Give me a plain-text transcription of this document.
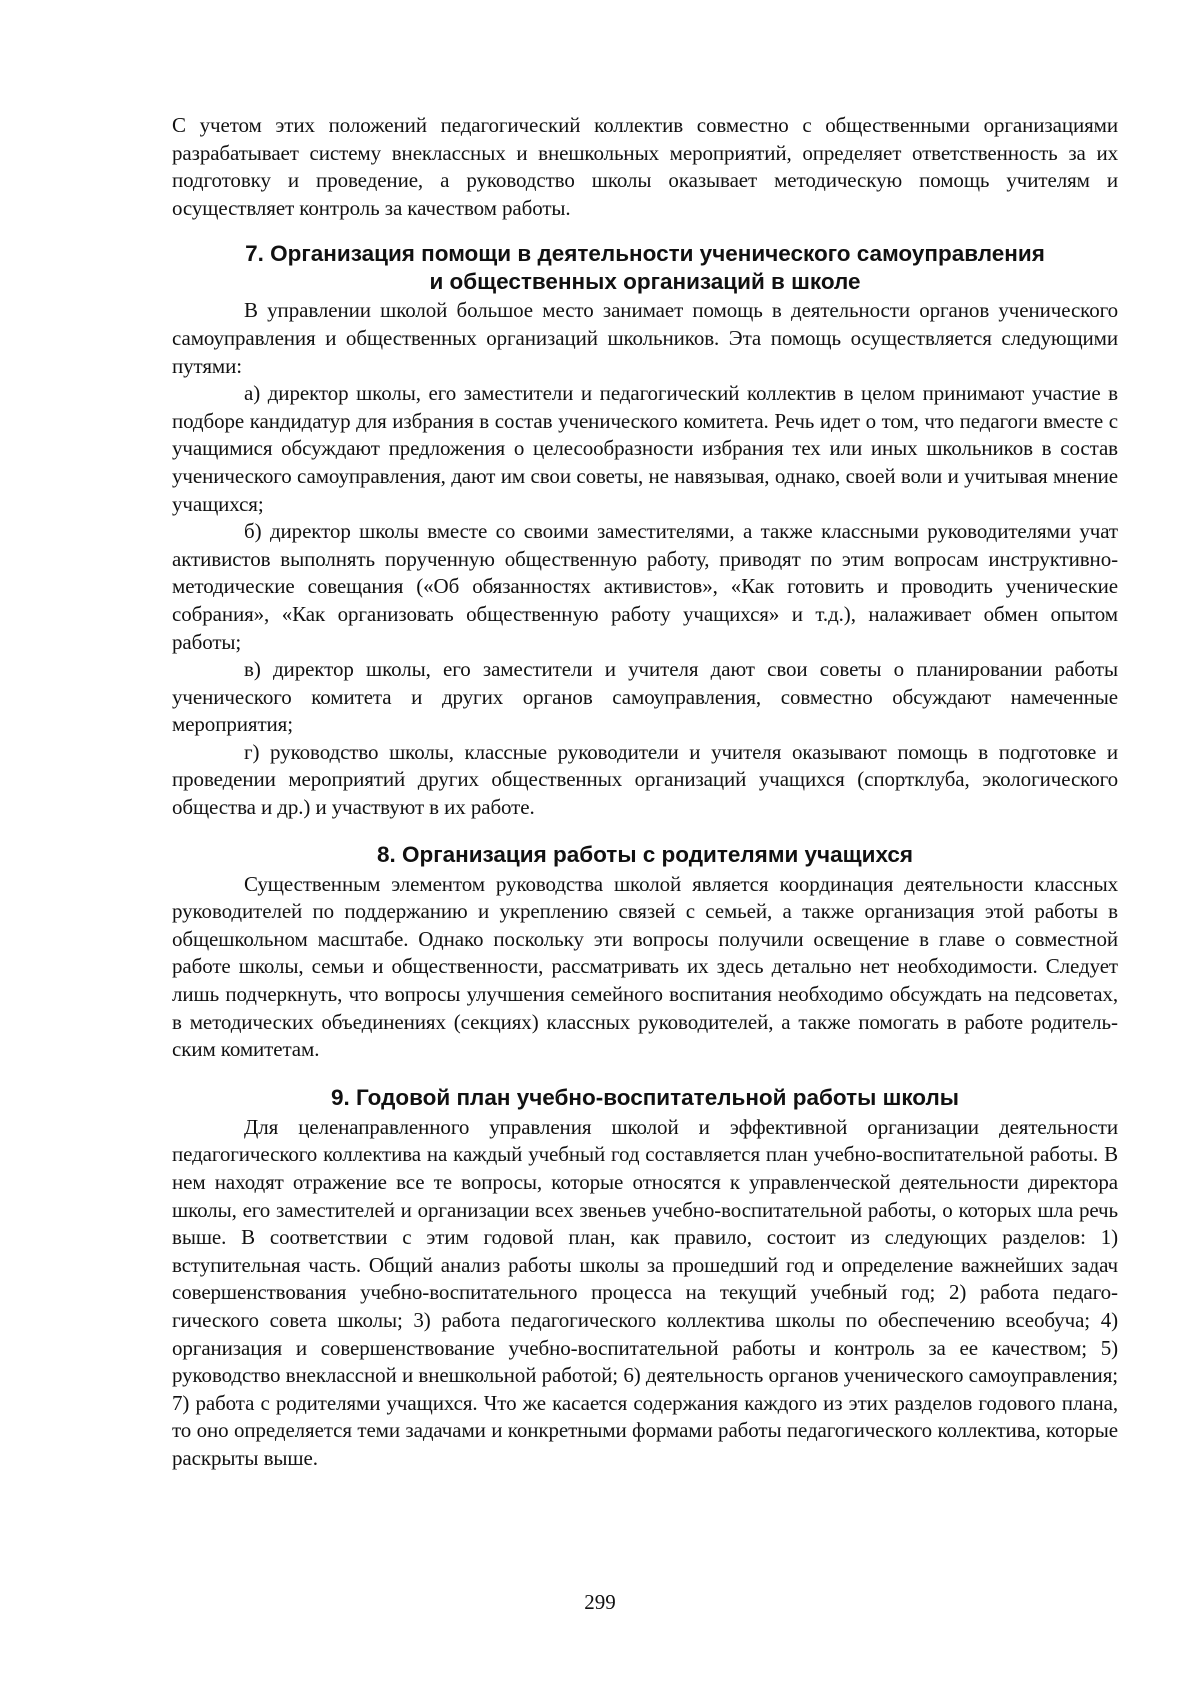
С учетом этих положений педагогический коллектив совместно с общественными организациями разрабатывает систему внеклассных и внешкольных мероприятий, определяет ответственность за их подготовку и проведение, а руководство школы оказывает методическую помощь учителям и осуществляет контроль за качеством работы.

7. Организация помощи в деятельности ученического самоуправления
и общественных организаций в школе

В управлении школой большое место занимает помощь в деятельности органов ученического самоуправления и общественных организаций школьников. Эта помощь осуществляется следующими путями:

а) директор школы, его заместители и педагогический коллектив в целом принимают участие в подборе кандидатур для избрания в состав ученического комитета. Речь идет о том, что педагоги вместе с учащимися обсуждают предложения о целесообразности избрания тех или иных школьников в состав ученического самоуправления, дают им свои советы, не навязывая, однако, своей воли и учитывая мнение учащихся;

б) директор школы вместе со своими заместителями, а также классными руководителями учат активистов выполнять порученную общественную работу, приводят по этим вопросам инструктивно-методические совещания («Об обязанностях активистов», «Как готовить и проводить ученические собрания», «Как организовать общественную работу учащихся» и т.д.), налаживает обмен опытом работы;

в) директор школы, его заместители и учителя дают свои советы о планировании работы ученического комитета и других органов самоуправления, совместно обсуждают намеченные мероприятия;

г) руководство школы, классные руководители и учителя оказывают помощь в подготовке и проведении мероприятий других общественных организаций учащихся (спортклуба, экологического общества и др.) и участвуют в их работе.

8. Организация работы с родителями учащихся

Существенным элементом руководства школой является координация деятельности классных руководителей по поддержанию и укреплению связей с семьей, а также организация этой работы в общешкольном масштабе. Однако поскольку эти вопросы получили освещение в главе о совместной работе школы, семьи и общественности, рассматривать их здесь детально нет необходимости. Следует лишь подчеркнуть, что вопросы улучшения семейного воспитания необходимо обсуждать на педсоветах, в методических объединениях (секциях) классных руководителей, а также помогать в работе родительским комитетам.

9. Годовой план учебно-воспитательной работы школы

Для целенаправленного управления школой и эффективной организации деятельности педагогического коллектива на каждый учебный год составляется план учебно-воспитательной работы. В нем находят отражение все те вопросы, которые относятся к управленческой деятельности директора школы, его заместителей и организации всех звеньев учебно-воспитательной работы, о которых шла речь выше. В соответствии с этим годовой план, как правило, состоит из следующих разделов: 1) вступительная часть. Общий анализ работы школы за прошедший год и определение важнейших задач совершенствования учебно-воспитательного процесса на текущий учебный год; 2) работа педагогического совета школы; 3) работа педагогического коллектива школы по обеспечению всеобуча; 4) организация и совершенствование учебно-воспитательной работы и контроль за ее качеством; 5) руководство внеклассной и внешкольной работой; 6) деятельность органов ученического самоуправления; 7) работа с родителями учащихся. Что же касается содержания каждого из этих разделов годового плана, то оно определяется теми задачами и конкретными формами работы педагогического коллектива, которые раскрыты выше.

299
